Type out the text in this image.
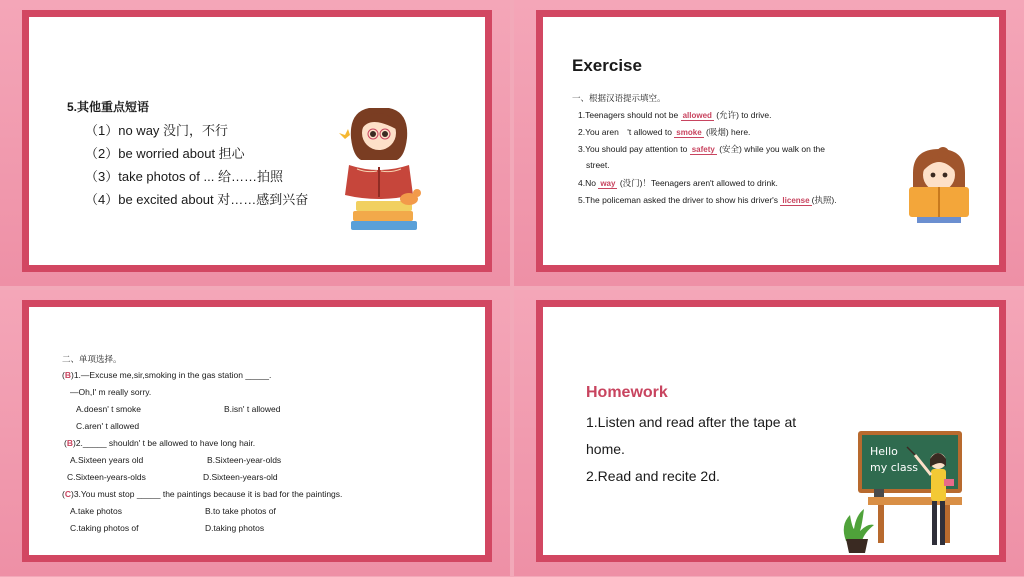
5.其他重点短语
（1）no way 没门，不行
（2）be worried about 担心
（3）take photos of ... 给……拍照
（4）be excited about 对……感到兴奋
Exercise
一、根据汉语提示填空。
1.Teenagers should not be allowed (允许) to drive.
2.You aren　't allowed to smoke (吸烟) here.
3.You should pay attention to safety (安全) while you walk on the
street.
4.No way (没门)！Teenagers aren't allowed to drink.
5.The policeman asked the driver to show his driver's license (执照).
二、单项选择。
(B)1.—Excuse me,sir,smoking in the gas station _____.
—Oh,I' m really sorry.
A.doesn' t smoke	B.isn' t allowed
C.aren' t allowed
(B)2._____ shouldn' t be allowed to have long hair.
A.Sixteen years old	B.Sixteen-year-olds
C.Sixteen-years-olds	D.Sixteen-years-old
(C)3.You must stop _____ the paintings because it is bad for the paintings.
A.take photos	B.to take photos of
C.taking photos of	D.taking photos
Homework
1.Listen and read after the tape at
home.
2.Read and recite 2d.
Hello
my class
